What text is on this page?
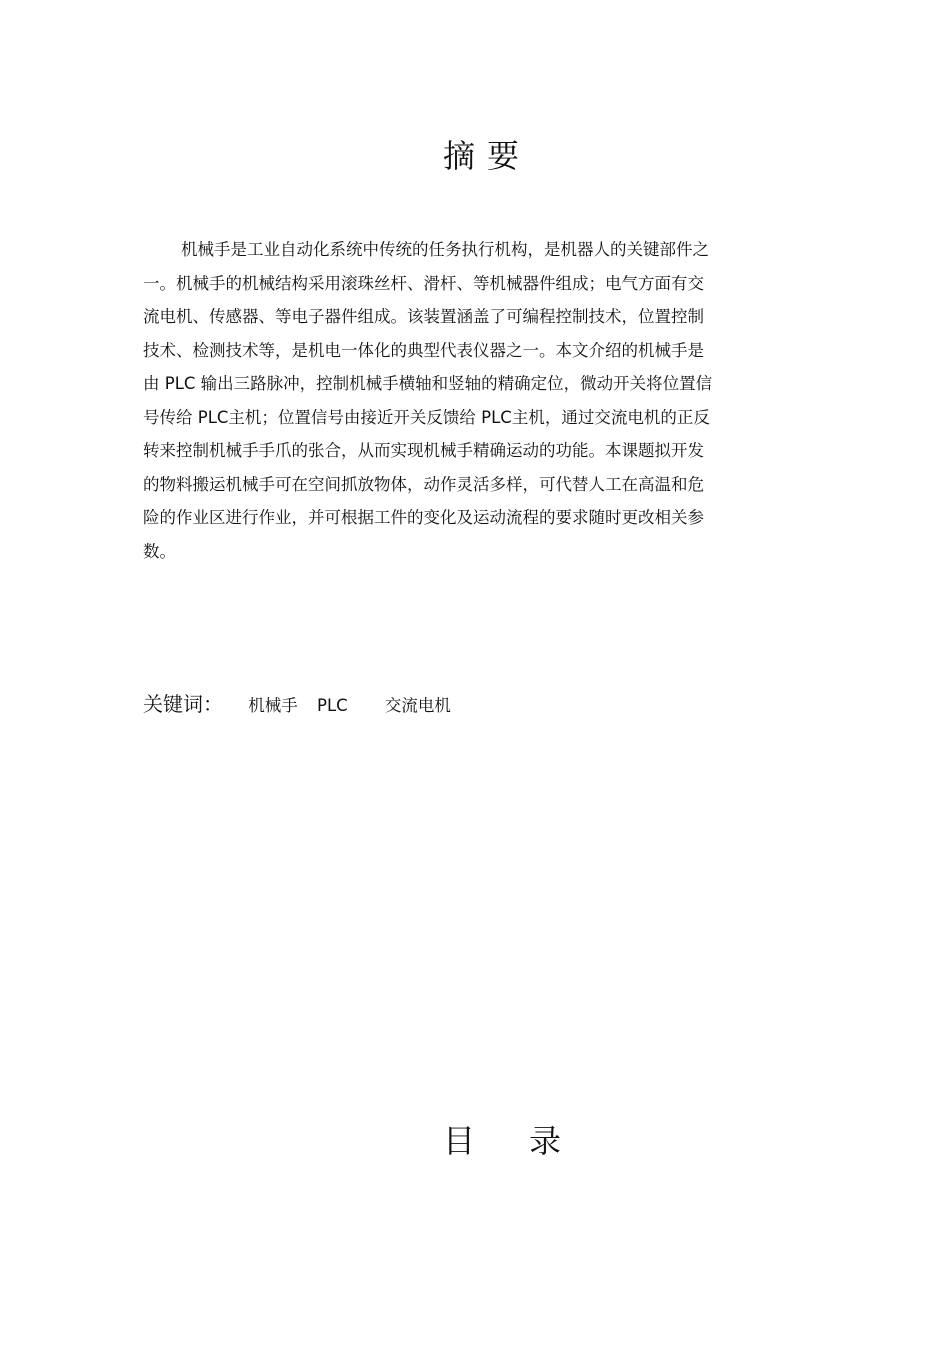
摘要

机械手是工业自动化系统中传统的任务执行机构，是机器人的关键部件之

一。机械手的机械结构采用滚珠丝杆、滑杆、等机械器件组成；电气方面有交

流电机、传感器、等电子器件组成。该装置涵盖了可编程控制技术，位置控制

技术、检测技术等，是机电一体化的典型代表仪器之一。本文介绍的机械手是

由 PLC 输出三路脉冲，控制机械手横轴和竖轴的精确定位，微动开关将位置信

号传给 PLC主机；位置信号由接近开关反馈给 PLC主机，通过交流电机的正反

转来控制机械手手爪的张合，从而实现机械手精确运动的功能。本课题拟开发

的物料搬运机械手可在空间抓放物体，动作灵活多样，可代替人工在高温和危

险的作业区进行作业，并可根据工件的变化及运动流程的要求随时更改相关参

数。

关键词： 机械手 PLC 交流电机
目录
